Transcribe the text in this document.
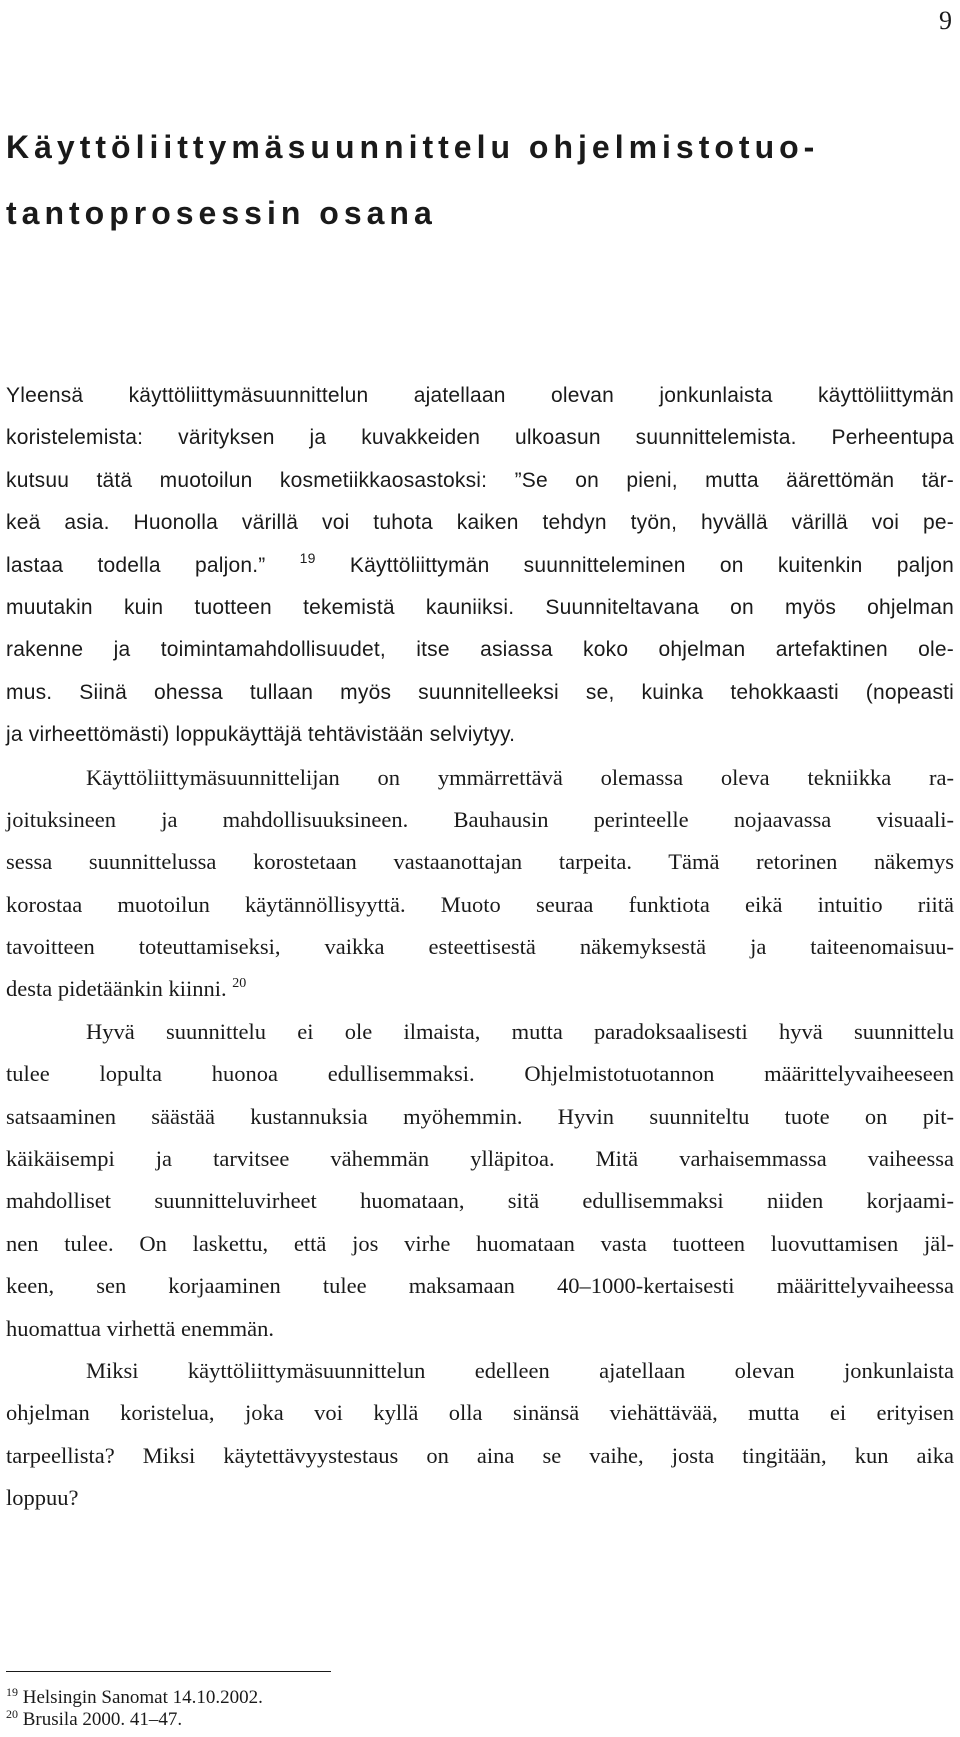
9
Käyttöliittymäsuunnittelu ohjelmistotuo-
tantoprosessin osana
Yleensä käyttöliittymäsuunnittelun ajatellaan olevan jonkunlaista käyttöliittymän
koristelemista: värityksen ja kuvakkeiden ulkoasun suunnittelemista. Perheentupa
kutsuu tätä muotoilun kosmetiikkaosastoksi: ”Se on pieni, mutta äärettömän tär-
keä asia. Huonolla värillä voi tuhota kaiken tehdyn työn, hyvällä värillä voi pe-
lastaa todella paljon.” $^{19}$ Käyttöliittymän suunnitteleminen on kuitenkin paljon
muutakin kuin tuotteen tekemistä kauniiksi. Suunniteltavana on myös ohjelman
rakenne ja toimintamahdollisuudet, itse asiassa koko ohjelman artefaktinen ole-
mus. Siinä ohessa tullaan myös suunnitelleeksi se, kuinka tehokkaasti (nopeasti
ja virheettömästi) loppukäyttäjä tehtävistään selviytyy.
Käyttöliittymäsuunnittelijan on ymmärrettävä olemassa oleva tekniikka ra-
joituksineen ja mahdollisuuksineen. Bauhausin perinteelle nojaavassa visuaali-
sessa suunnittelussa korostetaan vastaanottajan tarpeita. Tämä retorinen näkemys
korostaa muotoilun käytännöllisyyttä. Muoto seuraa funktiota eikä intuitio riitä
tavoitteen toteuttamiseksi, vaikka esteettisestä näkemyksestä ja taiteenomaisuu-
desta pidetäänkin kiinni. $^{20}$
Hyvä suunnittelu ei ole ilmaista, mutta paradoksaalisesti hyvä suunnittelu
tulee lopulta huonoa edullisemmaksi. Ohjelmistotuotannon määrittelyvaiheeseen
satsaaminen säästää kustannuksia myöhemmin. Hyvin suunniteltu tuote on pit-
käikäisempi ja tarvitsee vähemmän ylläpitoa. Mitä varhaisemmassa vaiheessa
mahdolliset suunnitteluvirheet huomataan, sitä edullisemmaksi niiden korjaami-
nen tulee. On laskettu, että jos virhe huomataan vasta tuotteen luovuttamisen jäl-
keen, sen korjaaminen tulee maksamaan 40–1000-kertaisesti määrittelyvaiheessa
huomattua virhettä enemmän.
Miksi käyttöliittymäsuunnittelun edelleen ajatellaan olevan jonkunlaista
ohjelman koristelua, joka voi kyllä olla sinänsä viehättävää, mutta ei erityisen
tarpeellista? Miksi käytettävyystestaus on aina se vaihe, josta tingitään, kun aika
loppuu?
$^{19}$ Helsingin Sanomat 14.10.2002.
$^{20}$ Brusila 2000. 41–47.
